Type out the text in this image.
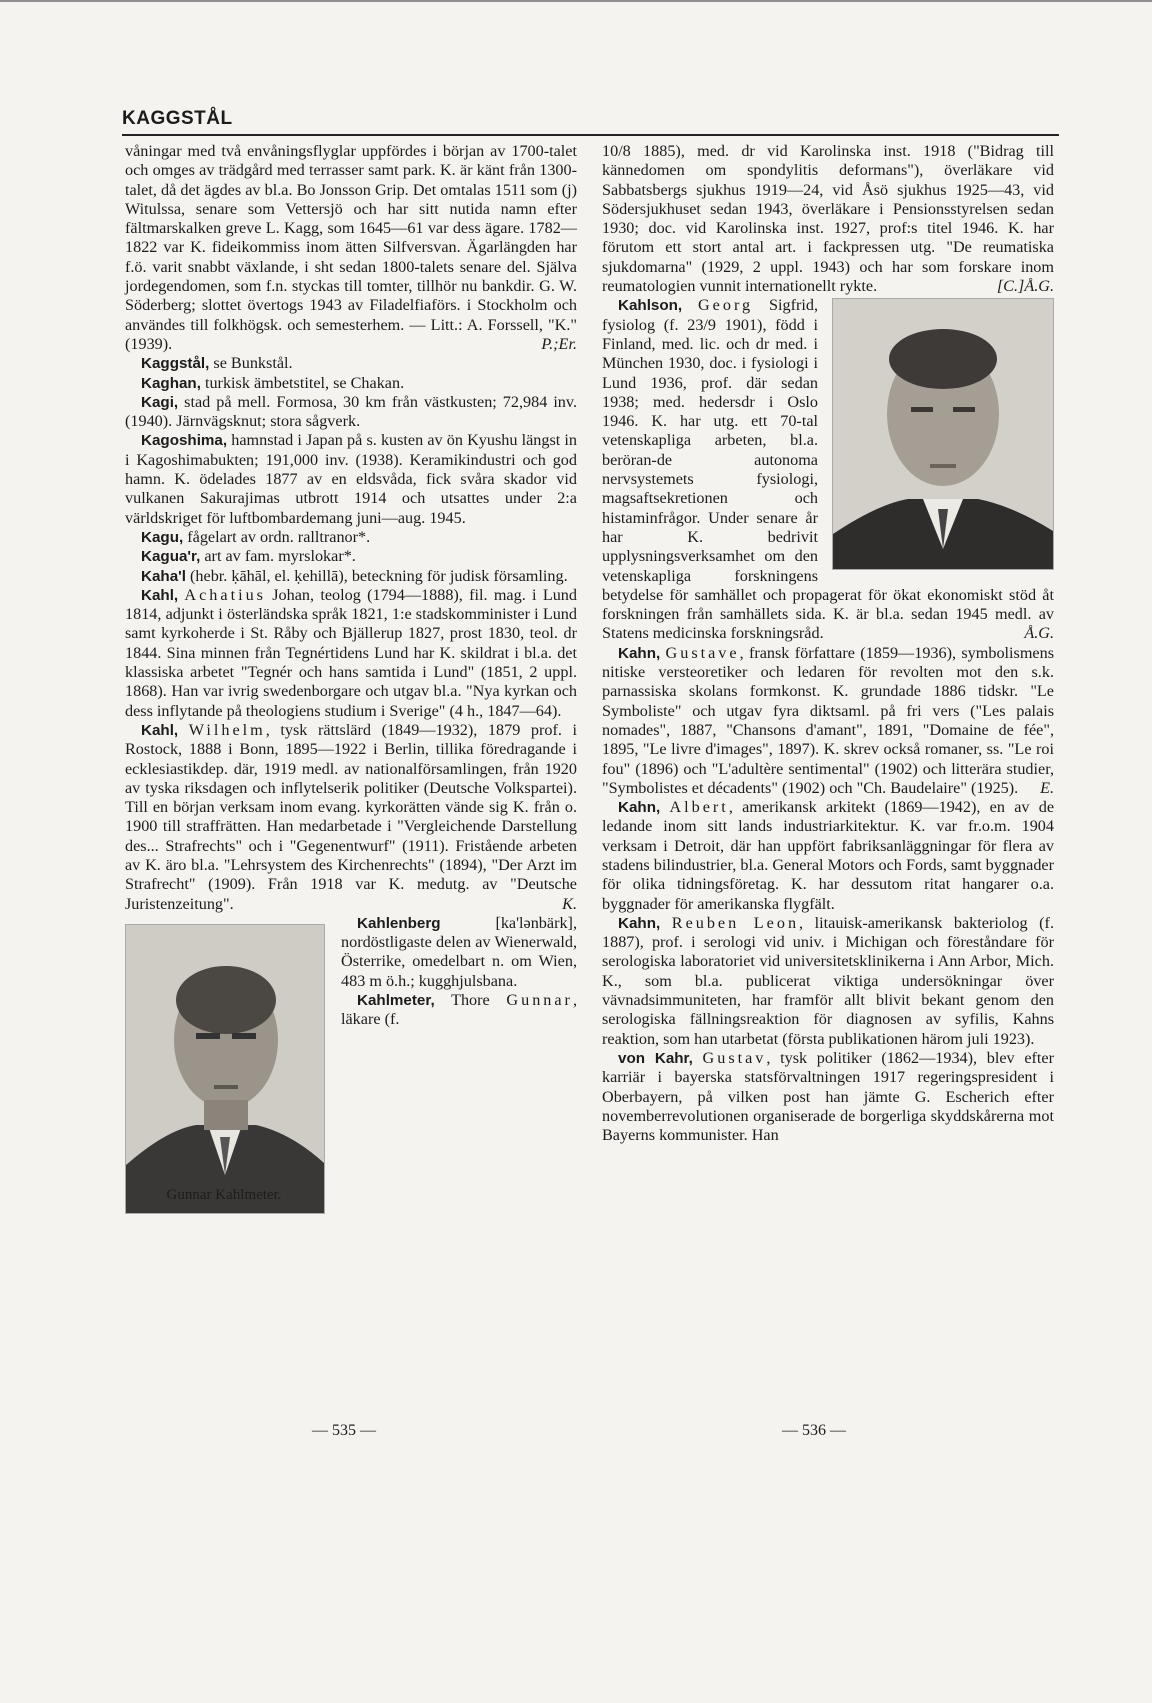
KAGGSTÅL

våningar med två envåningsflyglar uppfördes i början av 1700-talet och omges av trädgård med terrasser samt park. K. är känt från 1300-talet, då det ägdes av bl.a. Bo Jonsson Grip. Det omtalas 1511 som (j) Witulssa, senare som Vettersjö och har sitt nutida namn efter fältmarskalken greve L. Kagg, som 1645—61 var dess ägare. 1782—1822 var K. fideikommiss inom ätten Silfversvan. Ägarlängden har f.ö. varit snabbt växlande, i sht sedan 1800-talets senare del. Själva jordegendomen, som f.n. styckas till tomter, tillhör nu bankdir. G. W. Söderberg; slottet övertogs 1943 av Filadelfiaförs. i Stockholm och användes till folkhögsk. och semesterhem. — Litt.: A. Forssell, "K." (1939).	P.;Er.

Kaggstål, se Bunkstål.

Kaghan, turkisk ämbetstitel, se Chakan.

Kagi, stad på mell. Formosa, 30 km från västkusten; 72,984 inv. (1940). Järnvägsknut; stora sågverk.

Kagoshima, hamnstad i Japan på s. kusten av ön Kyushu längst in i Kagoshimabukten; 191,000 inv. (1938). Keramikindustri och god hamn. K. ödelades 1877 av en eldsvåda, fick svåra skador vid vulkanen Sakurajimas utbrott 1914 och utsattes under 2:a världskriget för luftbombardemang juni—aug. 1945.

Kagu, fågelart av ordn. ralltranor*.

Kagua'r, art av fam. myrslokar*.

Kaha'l (hebr. ḳāhāl, el. ḳehillā), beteckning för judisk församling.

Kahl, Achatius Johan, teolog (1794—1888), fil. mag. i Lund 1814, adjunkt i österländska språk 1821, 1:e stadskomminister i Lund samt kyrkoherde i St. Råby och Bjällerup 1827, prost 1830, teol. dr 1844. Sina minnen från Tegnértidens Lund har K. skildrat i bl.a. det klassiska arbetet "Tegnér och hans samtida i Lund" (1851, 2 uppl. 1868). Han var ivrig swedenborgare och utgav bl.a. "Nya kyrkan och dess inflytande på theologiens studium i Sverige" (4 h., 1847—64).

Kahl, Wilhelm, tysk rättslärd (1849—1932), 1879 prof. i Rostock, 1888 i Bonn, 1895—1922 i Berlin, tillika föredragande i ecklesiastikdep. där, 1919 medl. av nationalförsamlingen, från 1920 av tyska riksdagen och inflytelserik politiker (Deutsche Volkspartei). Till en början verksam inom evang. kyrkorätten vände sig K. från o. 1900 till straffrätten. Han medarbetade i "Vergleichende Darstellung des... Strafrechts" och i "Gegenentwurf" (1911). Fristående arbeten av K. äro bl.a. "Lehrsystem des Kirchenrechts" (1894), "Der Arzt im Strafrecht" (1909). Från 1918 var K. medutg. av "Deutsche Juristenzeitung".	K.

Kahlenberg [ka'lənbärk], nordöstligaste delen av Wienerwald, Österrike, omedelbart n. om Wien, 483 m ö.h.; kugghjulsbana.

Kahlmeter, Thore Gunnar, läkare (f.

Gunnar Kahlmeter.

10/8 1885), med. dr vid Karolinska inst. 1918 ("Bidrag till kännedomen om spondylitis deformans"), överläkare vid Sabbatsbergs sjukhus 1919—24, vid Åsö sjukhus 1925—43, vid Södersjukhuset sedan 1943, överläkare i Pensionsstyrelsen sedan 1930; doc. vid Karolinska inst. 1927, prof:s titel 1946. K. har förutom ett stort antal art. i fackpressen utg. "De reumatiska sjukdomarna" (1929, 2 uppl. 1943) och har som forskare inom reumatologien vunnit internationellt rykte.	[C.]Å.G.

Kahlson, Georg Sigfrid, fysiolog (f. 23/9 1901), född i Finland, med. lic. och dr med. i München 1930, doc. i fysiologi i Lund 1936, prof. där sedan 1938; med. hedersdr i Oslo 1946. K. har utg. ett 70-tal vetenskapliga arbeten, bl.a. beröran-de autonoma nervsystemets fysiologi, magsaftsekretionen och histaminfrågor. Under senare år har K. bedrivit upplysningsverksamhet om den vetenskapliga forskningens betydelse för samhället och propagerat för ökat ekonomiskt stöd åt forskningen från samhällets sida. K. är bl.a. sedan 1945 medl. av Statens medicinska forskningsråd.	Å.G.

Kahn, Gustave, fransk författare (1859—1936), symbolismens nitiske versteoretiker och ledaren för revolten mot den s.k. parnassiska skolans formkonst. K. grundade 1886 tidskr. "Le Symboliste" och utgav fyra diktsaml. på fri vers ("Les palais nomades", 1887, "Chansons d'amant", 1891, "Domaine de fée", 1895, "Le livre d'images", 1897). K. skrev också romaner, ss. "Le roi fou" (1896) och "L'adultère sentimental" (1902) och litterära studier, "Symbolistes et décadents" (1902) och "Ch. Baudelaire" (1925).	E.

Kahn, Albert, amerikansk arkitekt (1869—1942), en av de ledande inom sitt lands industriarkitektur. K. var fr.o.m. 1904 verksam i Detroit, där han uppfört fabriksanläggningar för flera av stadens bilindustrier, bl.a. General Motors och Fords, samt byggnader för olika tidningsföretag. K. har dessutom ritat hangarer o.a. byggnader för amerikanska flygfält.

Kahn, Reuben Leon, litauisk-amerikansk bakteriolog (f. 1887), prof. i serologi vid univ. i Michigan och föreståndare för serologiska laboratoriet vid universitetsklinikerna i Ann Arbor, Mich. K., som bl.a. publicerat viktiga undersökningar över vävnadsimmuniteten, har framför allt blivit bekant genom den serologiska fällningsreaktion för diagnosen av syfilis, Kahns reaktion, som han utarbetat (första publikationen härom juli 1923).

von Kahr, Gustav, tysk politiker (1862—1934), blev efter karriär i bayerska statsförvaltningen 1917 regeringspresident i Oberbayern, på vilken post han jämte G. Escherich efter novemberrevolutionen organiserade de borgerliga skyddskårerna mot Bayerns kommunister. Han

— 535 —	— 536 —
